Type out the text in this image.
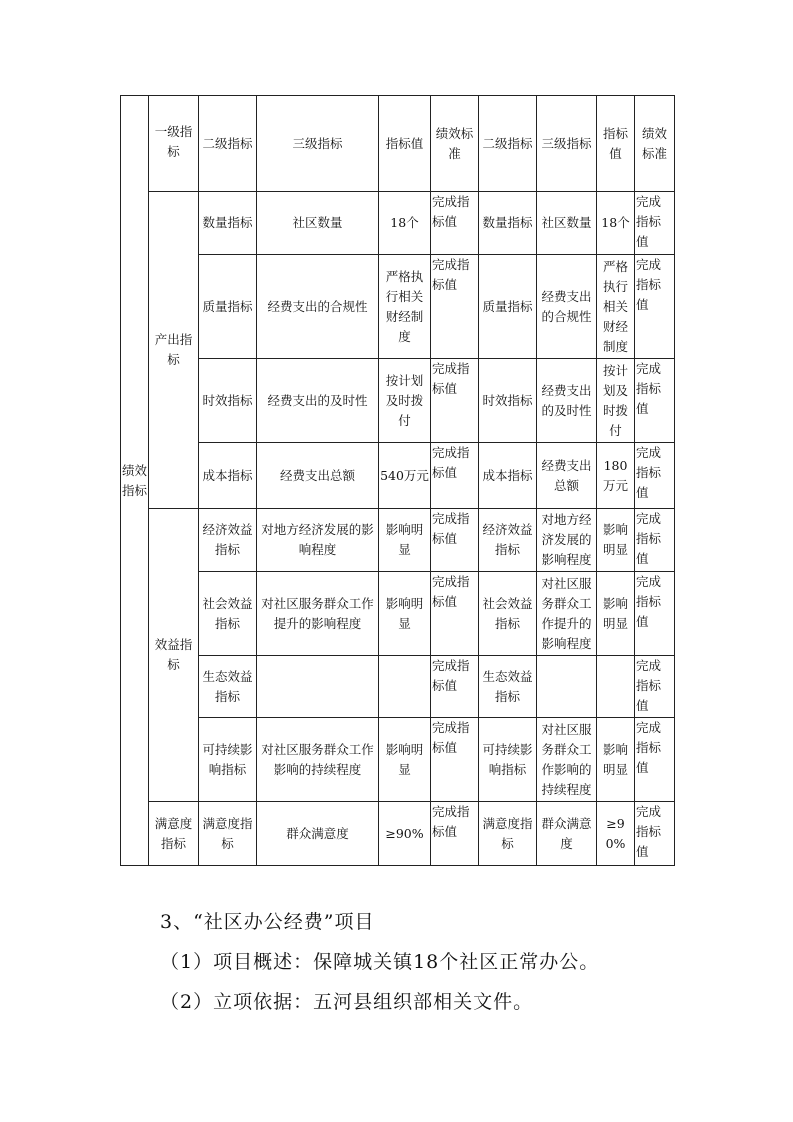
绩效指标	一级指标	二级指标	三级指标	指标值	绩效标准	二级指标	三级指标	指标值	绩效标准
	产出指标	数量指标	社区数量	18个	完成指标值	数量指标	社区数量	18个	完成指标值
		质量指标	经费支出的合规性	严格执行相关财经制度	完成指标值	质量指标	经费支出的合规性	严格执行相关财经制度	完成指标值
		时效指标	经费支出的及时性	按计划及时拨付	完成指标值	时效指标	经费支出的及时性	按计划及时拨付	完成指标值
		成本指标	经费支出总额	540万元	完成指标值	成本指标	经费支出总额	180万元	完成指标值
	效益指标	经济效益指标	对地方经济发展的影响程度	影响明显	完成指标值	经济效益指标	对地方经济发展的影响程度	影响明显	完成指标值
		社会效益指标	对社区服务群众工作提升的影响程度	影响明显	完成指标值	社会效益指标	对社区服务群众工作提升的影响程度	影响明显	完成指标值
		生态效益指标			完成指标值	生态效益指标			完成指标值
		可持续影响指标	对社区服务群众工作影响的持续程度	影响明显	完成指标值	可持续影响指标	对社区服务群众工作影响的持续程度	影响明显	完成指标值
	满意度指标	满意度指标	群众满意度	≥90%	完成指标值	满意度指标	群众满意度	≥90%	完成指标值
3、“社区办公经费”项目
（1）项目概述：保障城关镇18个社区正常办公。
（2）立项依据：五河县组织部相关文件。
